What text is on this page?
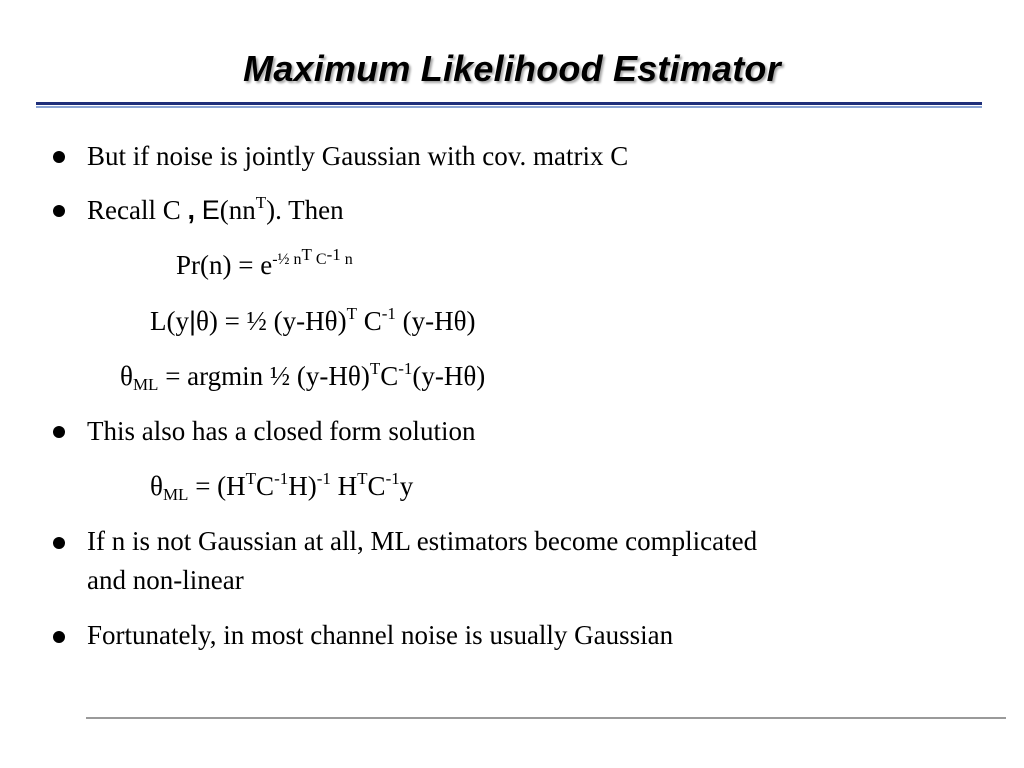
Maximum Likelihood Estimator
But if noise is jointly Gaussian with cov. matrix C
Recall C , $E(nn^T)$. Then
$Pr(n) = e^{-\frac{1}{2} nT}$ $^{C-1}$ $^n$
L(y|θ) = ½ $(y-H\theta)^T$ $C^{-1}$ (y-Hθ)
$\theta_{ML} = argmin$ ½ $(y-H\theta)^TC^{-1}(y-H\theta)$
This also has a closed form solution
$\theta_{ML} = (H^TC^{-1}H)^{-1}$ $H^TC^{-1}y$
If n is not Gaussian at all, ML estimators become complicated
and non-linear
Fortunately, in most channel noise is usually Gaussian
